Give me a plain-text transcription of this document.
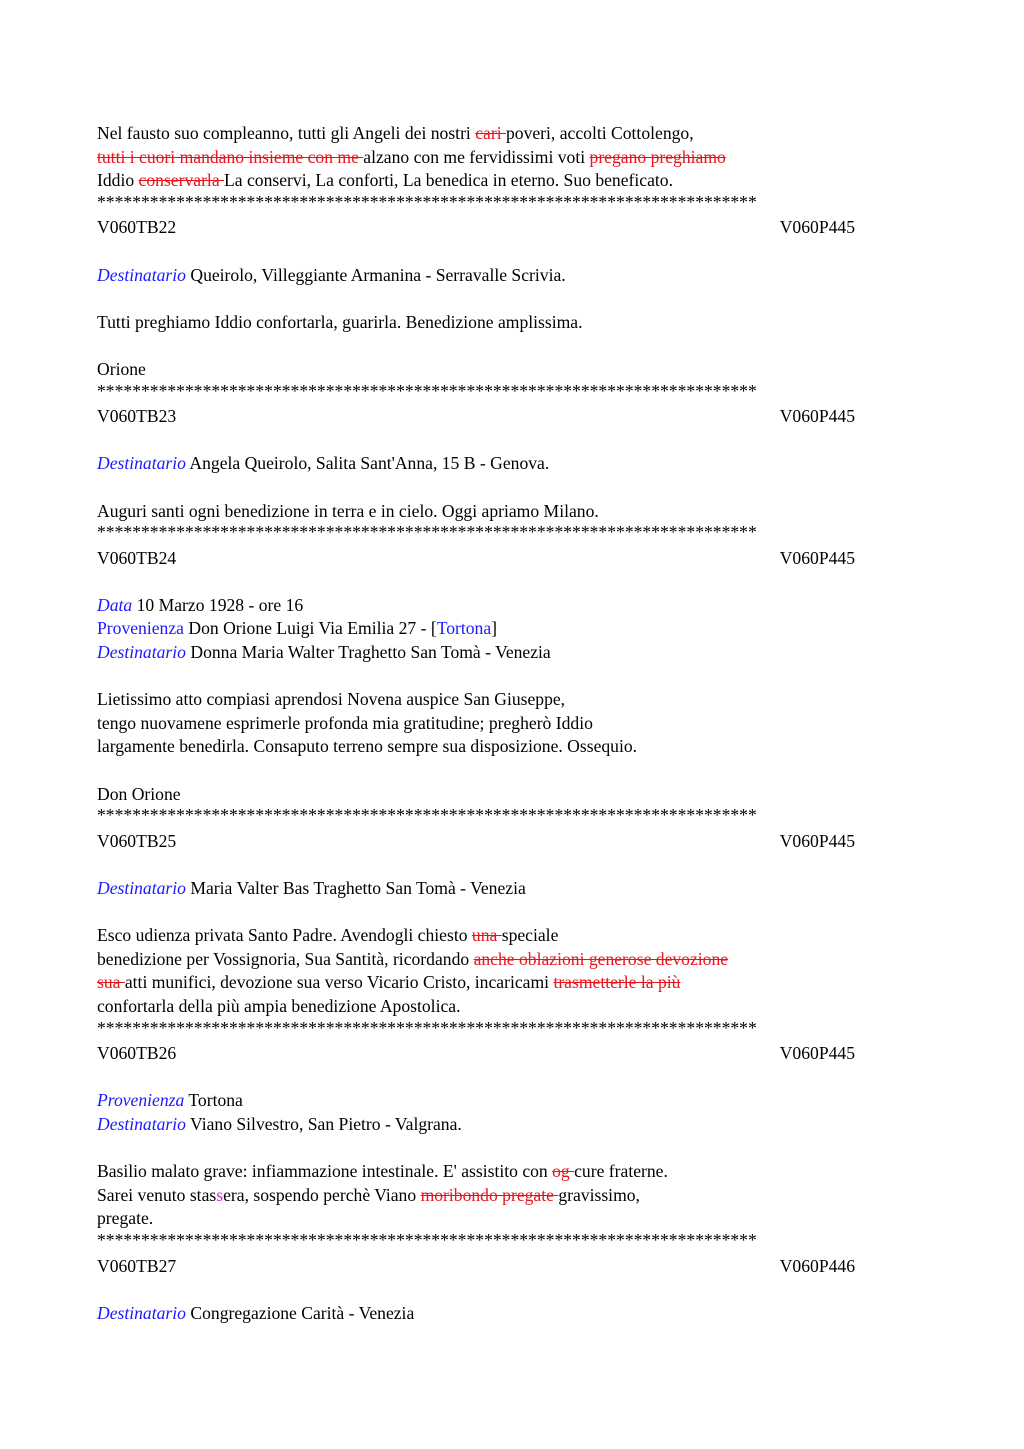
Nel fausto suo compleanno, tutti gli Angeli dei nostri cari poveri, accolti Cottolengo,
tutti i cuori mandano insieme con me alzano con me fervidissimi voti pregano preghiamo
Iddio conservarla La conservi, La conforti, La benedica in eterno. Suo beneficato.
***************************************************************************
V060TB22	V060P445
Destinatario Queirolo, Villeggiante Armanina - Serravalle Scrivia.
Tutti preghiamo Iddio confortarla, guarirla. Benedizione amplissima.
Orione
***************************************************************************
V060TB23	V060P445
Destinatario Angela Queirolo, Salita Sant'Anna, 15 B - Genova.
Auguri santi ogni benedizione in terra e in cielo. Oggi apriamo Milano.
***************************************************************************
V060TB24	V060P445
Data 10 Marzo 1928 - ore 16
Provenienza Don Orione Luigi Via Emilia 27 - [Tortona]
Destinatario Donna Maria Walter Traghetto San Tomà - Venezia
Lietissimo atto compiasi aprendosi Novena auspice San Giuseppe,
tengo nuovamene esprimerle profonda mia gratitudine; pregherò Iddio
largamente benedirla. Consaputo terreno sempre sua disposizione. Ossequio.
Don Orione
***************************************************************************
V060TB25	V060P445
Destinatario Maria Valter Bas Traghetto San Tomà - Venezia
Esco udienza privata Santo Padre. Avendogli chiesto una speciale
benedizione per Vossignoria, Sua Santità, ricordando anche oblazioni generose devozione
sua atti munifici, devozione sua verso Vicario Cristo, incaricami trasmetterle la più
confortarla della più ampia benedizione Apostolica.
***************************************************************************
V060TB26	V060P445
Provenienza Tortona
Destinatario Viano Silvestro, San Pietro - Valgrana.
Basilio malato grave: infiammazione intestinale. E' assistito con og cure fraterne.
Sarei venuto stassera, sospendo perchè Viano moribondo pregate gravissimo,
pregate.
***************************************************************************
V060TB27	V060P446
Destinatario Congregazione Carità - Venezia
